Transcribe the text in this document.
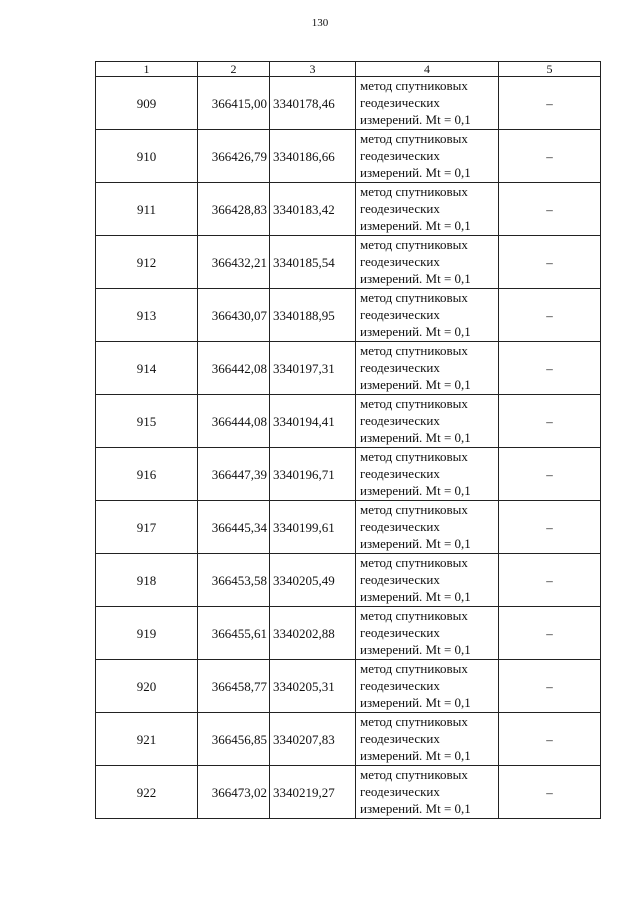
130
1	2	3	4	5
909	366415,00	3340178,46	метод спутниковых
геодезических
измерений. Mt = 0,1	–
910	366426,79	3340186,66	метод спутниковых
геодезических
измерений. Mt = 0,1	–
911	366428,83	3340183,42	метод спутниковых
геодезических
измерений. Mt = 0,1	–
912	366432,21	3340185,54	метод спутниковых
геодезических
измерений. Mt = 0,1	–
913	366430,07	3340188,95	метод спутниковых
геодезических
измерений. Mt = 0,1	–
914	366442,08	3340197,31	метод спутниковых
геодезических
измерений. Mt = 0,1	–
915	366444,08	3340194,41	метод спутниковых
геодезических
измерений. Mt = 0,1	–
916	366447,39	3340196,71	метод спутниковых
геодезических
измерений. Mt = 0,1	–
917	366445,34	3340199,61	метод спутниковых
геодезических
измерений. Mt = 0,1	–
918	366453,58	3340205,49	метод спутниковых
геодезических
измерений. Mt = 0,1	–
919	366455,61	3340202,88	метод спутниковых
геодезических
измерений. Mt = 0,1	–
920	366458,77	3340205,31	метод спутниковых
геодезических
измерений. Mt = 0,1	–
921	366456,85	3340207,83	метод спутниковых
геодезических
измерений. Mt = 0,1	–
922	366473,02	3340219,27	метод спутниковых
геодезических
измерений. Mt = 0,1	–
